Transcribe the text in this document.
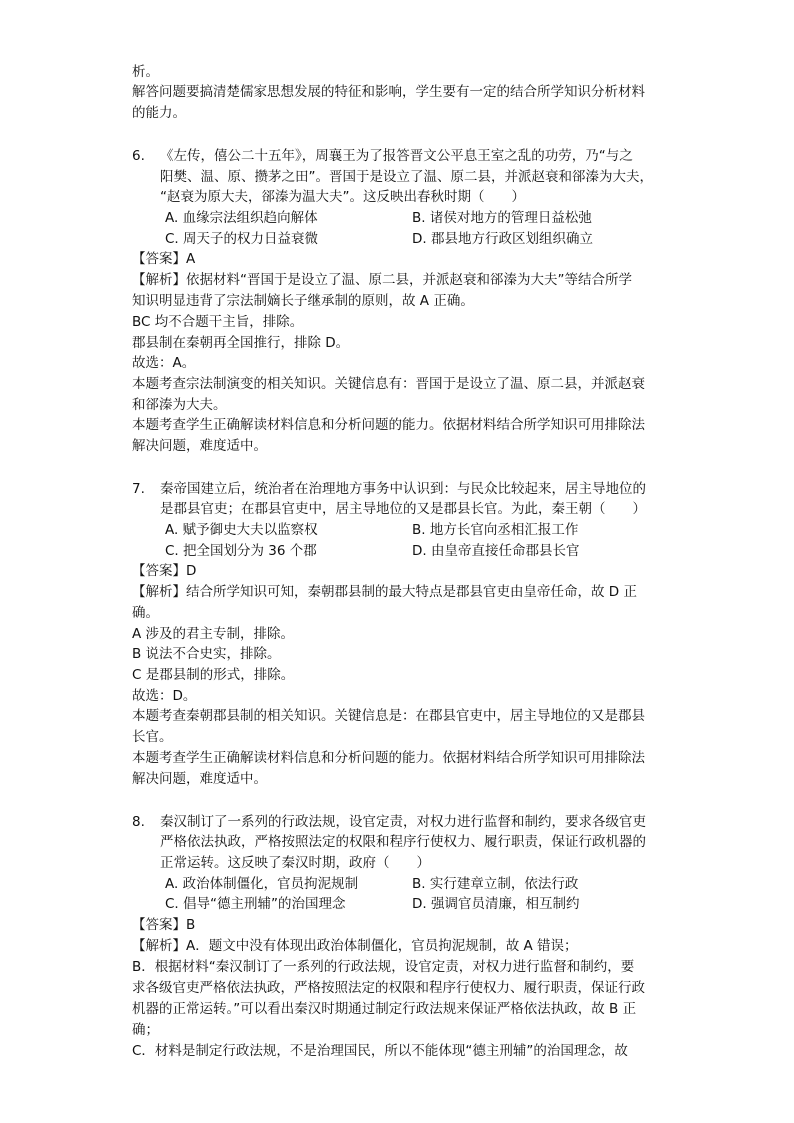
析。
解答问题要搞清楚儒家思想发展的特征和影响，学生要有一定的结合所学知识分析材料
的能力。
6. 《左传，僖公二十五年》，周襄王为了报答晋文公平息王室之乱的功劳，乃“与之
阳樊、温、原、攒茅之田”。晋国于是设立了温、原二县，并派赵衰和郤溱为大夫，
“赵衰为原大夫，郤溱为温大夫”。这反映出春秋时期（　　）
A. 血缘宗法组织趋向解体	B. 诸侯对地方的管理日益松弛
C. 周天子的权力日益衰微	D. 郡县地方行政区划组织确立
【答案】A
【解析】依据材料“晋国于是设立了温、原二县，并派赵衰和郤溱为大夫”等结合所学
知识明显违背了宗法制嫡长子继承制的原则，故 A 正确。
BC 均不合题干主旨，排除。
郡县制在秦朝再全国推行，排除 D。
故选：A。
本题考查宗法制演变的相关知识。关键信息有：晋国于是设立了温、原二县，并派赵衰
和郤溱为大夫。
本题考查学生正确解读材料信息和分析问题的能力。依据材料结合所学知识可用排除法
解决问题，难度适中。
7. 秦帝国建立后，统治者在治理地方事务中认识到：与民众比较起来，居主导地位的
是郡县官吏；在郡县官吏中，居主导地位的又是郡县长官。为此，秦王朝（　　）
A. 赋予御史大夫以监察权	B. 地方长官向丞相汇报工作
C. 把全国划分为 36 个郡	D. 由皇帝直接任命郡县长官
【答案】D
【解析】结合所学知识可知，秦朝郡县制的最大特点是郡县官吏由皇帝任命，故 D 正
确。
A 涉及的君主专制，排除。
B 说法不合史实，排除。
C 是郡县制的形式，排除。
故选：D。
本题考查秦朝郡县制的相关知识。关键信息是：在郡县官吏中，居主导地位的又是郡县
长官。
本题考查学生正确解读材料信息和分析问题的能力。依据材料结合所学知识可用排除法
解决问题，难度适中。
8. 秦汉制订了一系列的行政法规，设官定责，对权力进行监督和制约，要求各级官吏
严格依法执政，严格按照法定的权限和程序行使权力、履行职责，保证行政机器的
正常运转。这反映了秦汉时期，政府（　　）
A. 政治体制僵化，官员拘泥规制	B. 实行建章立制，依法行政
C. 倡导“德主刑辅”的治国理念	D. 强调官员清廉，相互制约
【答案】B
【解析】A．题文中没有体现出政治体制僵化，官员拘泥规制，故 A 错误；
B．根据材料“秦汉制订了一系列的行政法规，设官定责，对权力进行监督和制约，要
求各级官吏严格依法执政，严格按照法定的权限和程序行使权力、履行职责，保证行政
机器的正常运转。”可以看出秦汉时期通过制定行政法规来保证严格依法执政，故 B 正
确；
C．材料是制定行政法规，不是治理国民，所以不能体现“德主刑辅”的治国理念，故
